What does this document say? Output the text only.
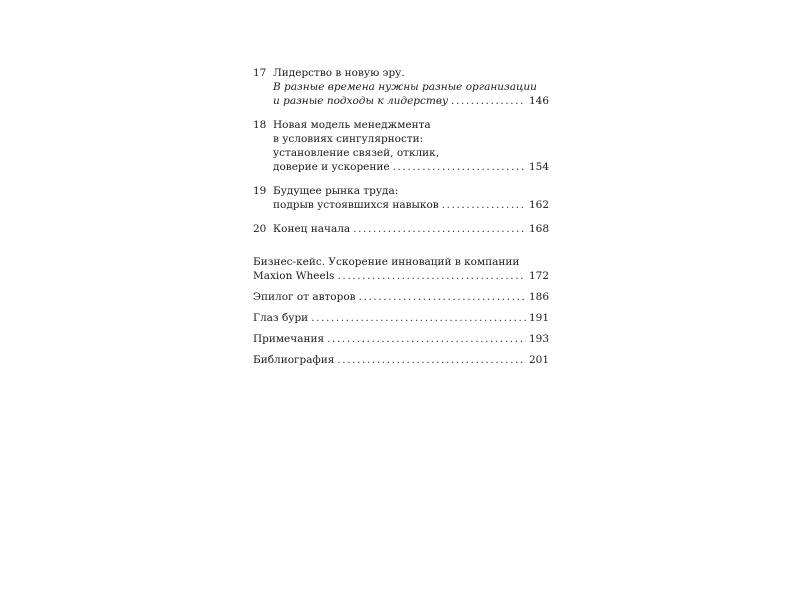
17 Лидерство в новую эру.
В разные времена нужны разные организации
и разные подходы к лидерству .....	146
18 Новая модель менеджмента
в условиях сингулярности:
установление связей, отклик,
доверие и ускорение .....	154
19 Будущее рынка труда:
подрыв устоявшихся навыков .....	162
20 Конец начала .....	168
Бизнес-кейс. Ускорение инноваций в компании
Maxion Wheels .....	172
Эпилог от авторов .....	186
Глаз бури .....	191
Примечания .....	193
Библиография .....	201
